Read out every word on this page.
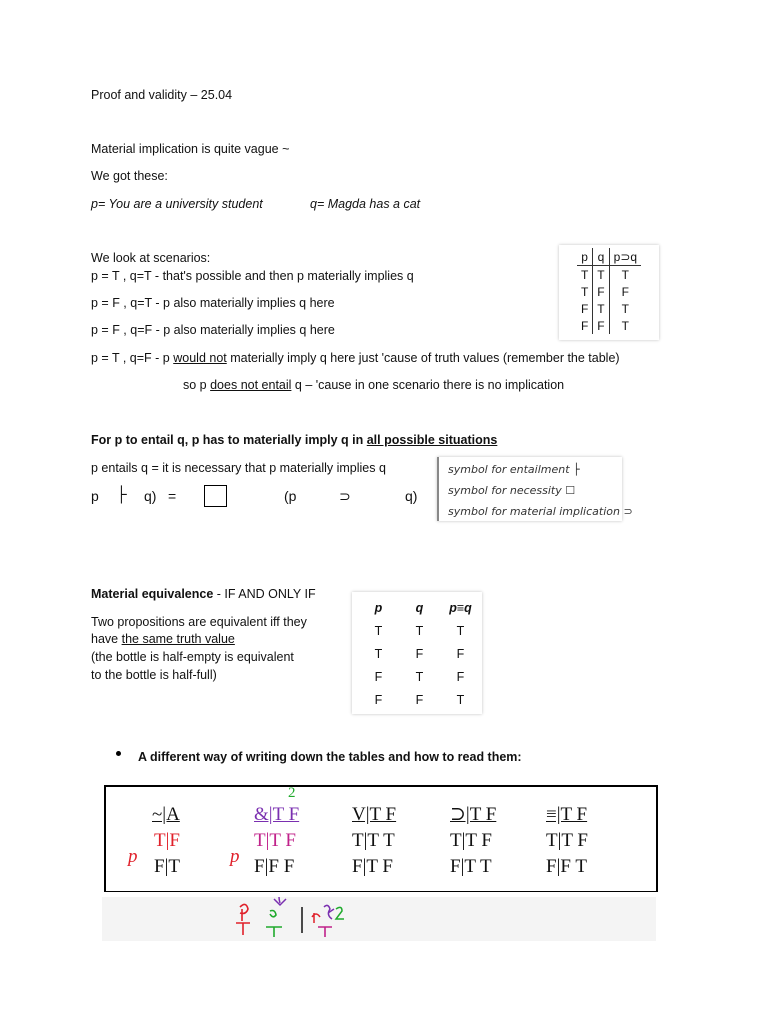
Proof and validity – 25.04
Material implication is quite vague ~
We got these:
p= You are a university student	q= Magda has a cat
We look at scenarios:
p = T , q=T - that's possible and then p materially implies q
p = F , q=T - p also materially implies q here
p = F , q=F - p also materially implies q here
p = T , q=F - p would not materially imply q here just 'cause of truth values (remember the table)
so p does not entail q – 'cause in one scenario there is no implication
p	q	p⊃q
T	T	T
T	F	F
F	T	T
F	F	T
For p to entail q, p has to materially imply q in all possible situations
p entails q = it is necessary that p materially implies q
p ├ q) =	(p	⊃	q)
symbol for entailment ├
symbol for necessity ☐
symbol for material implication ⊃
Material equivalence - IF AND ONLY IF
Two propositions are equivalent iff they
have the same truth value
(the bottle is half-empty is equivalent
to the bottle is half-full)
p	q	p≡q
T	T	T
T	F	F
F	T	F
F	F	T
A different way of writing down the tables and how to read them:
~|A
T|F
F|T
&|T F
T|T F
F|F F
V|T F
T|T T
F|T F
⊃|T F
T|T F
F|T T
≡|T F
T|T F
F|F T
p	p
2
